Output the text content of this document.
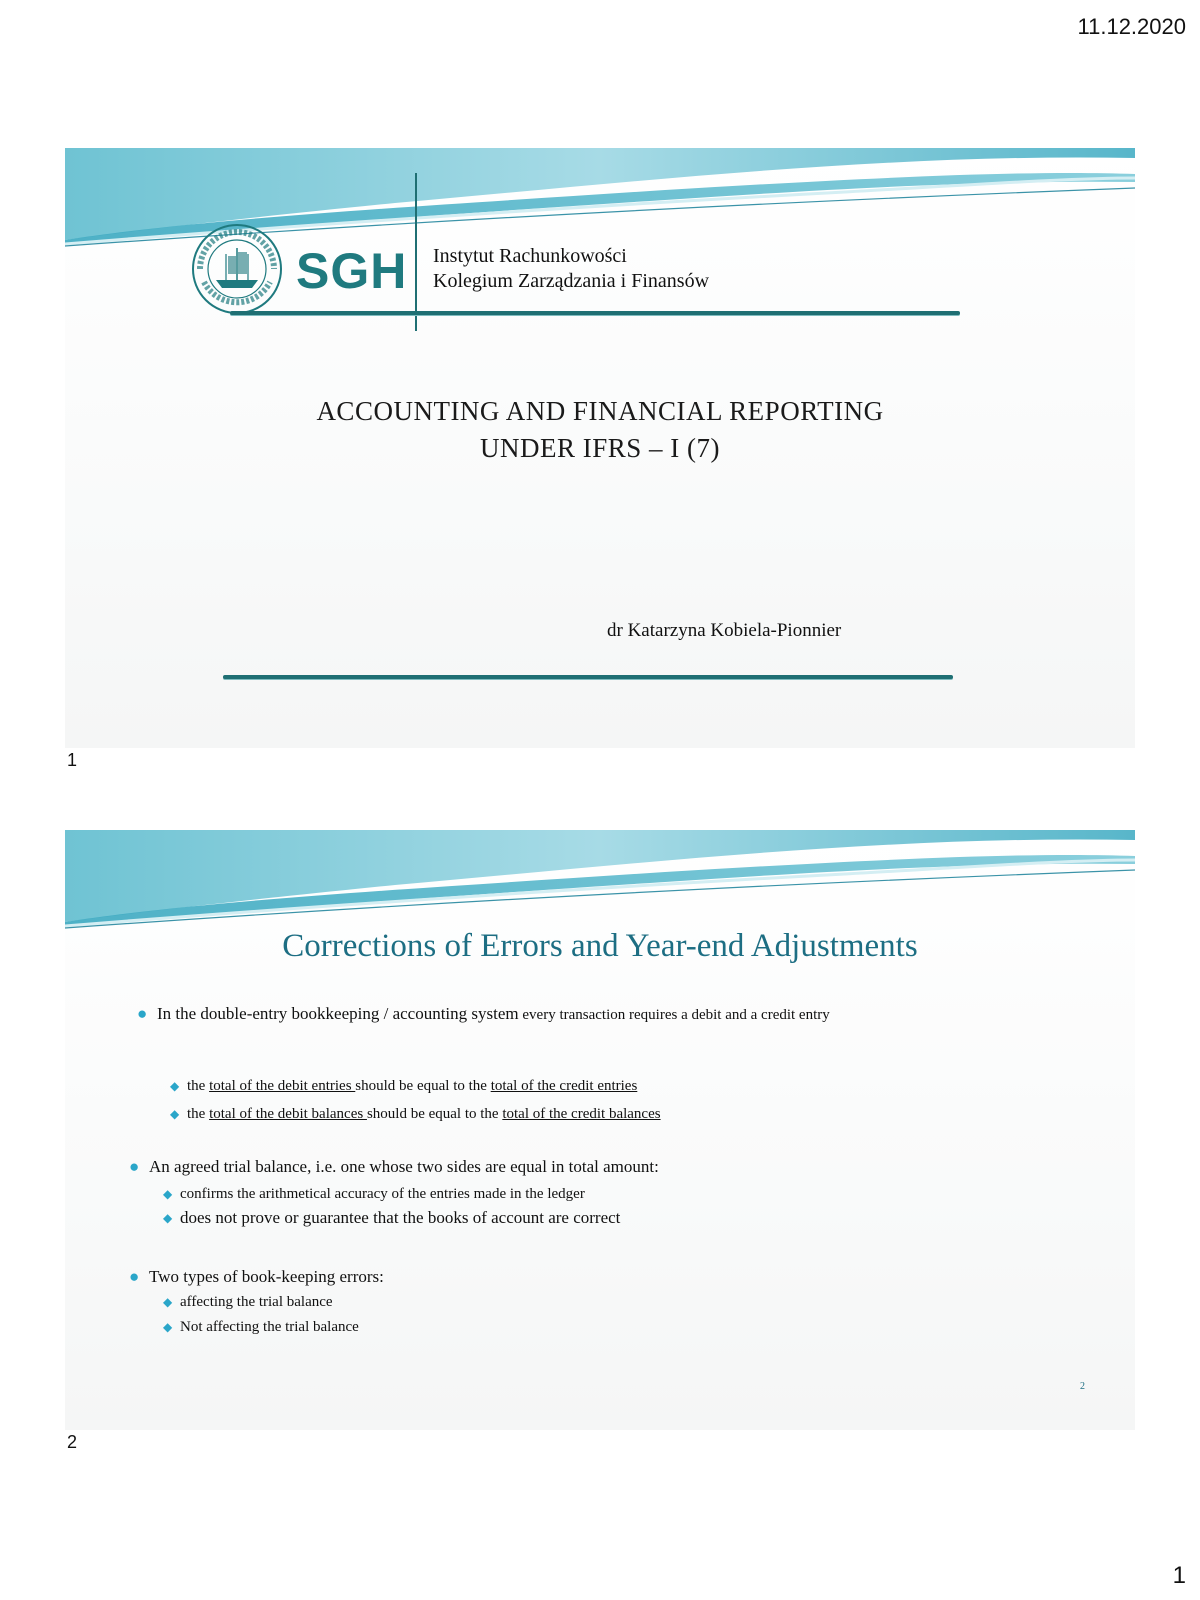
11.12.2020
SGH Instytut Rachunkowości
Kolegium Zarządzania i Finansów
ACCOUNTING AND FINANCIAL REPORTING
UNDER IFRS – I (7)
dr Katarzyna Kobiela-Pionnier
1
Corrections of Errors and Year-end Adjustments
● In the double-entry bookkeeping / accounting system every transaction requires a debit and a credit entry
◆ the total of the debit entries should be equal to the total of the credit entries
◆ the total of the debit balances should be equal to the total of the credit balances
● An agreed trial balance, i.e. one whose two sides are equal in total amount:
◆ confirms the arithmetical accuracy of the entries made in the ledger
◆ does not prove or guarantee that the books of account are correct
● Two types of book-keeping errors:
◆ affecting the trial balance
◆ Not affecting the trial balance
2
2
1
